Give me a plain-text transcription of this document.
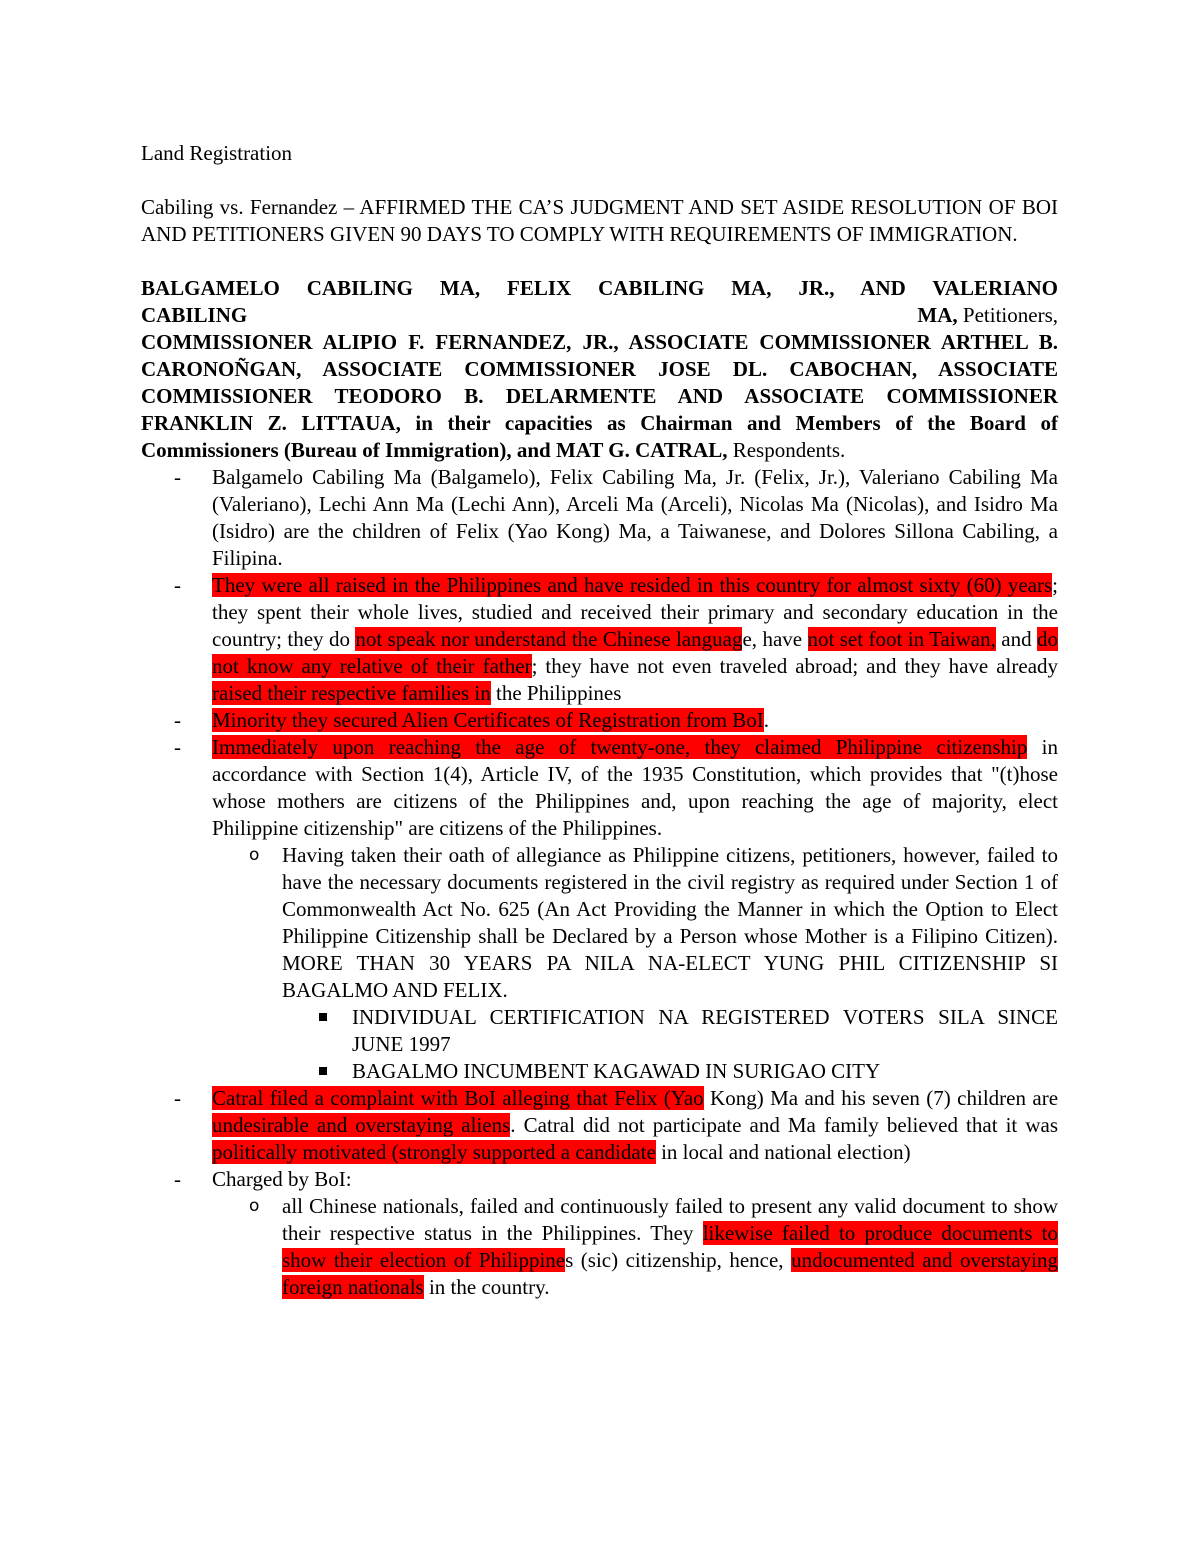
Land Registration

Cabiling vs. Fernandez – AFFIRMED THE CA’S JUDGMENT AND SET ASIDE RESOLUTION OF BOI AND PETITIONERS GIVEN 90 DAYS TO COMPLY WITH REQUIREMENTS OF IMMIGRATION.

BALGAMELO CABILING MA, FELIX CABILING MA, JR., AND VALERIANO
CABILING	MA, Petitioners,
COMMISSIONER ALIPIO F. FERNANDEZ, JR., ASSOCIATE COMMISSIONER ARTHEL B. CARONOÑGAN, ASSOCIATE COMMISSIONER JOSE DL. CABOCHAN, ASSOCIATE COMMISSIONER TEODORO B. DELARMENTE AND ASSOCIATE COMMISSIONER FRANKLIN Z. LITTAUA, in their capacities as Chairman and Members of the Board of Commissioners (Bureau of Immigration), and MAT G. CATRAL, Respondents.
- Balgamelo Cabiling Ma (Balgamelo), Felix Cabiling Ma, Jr. (Felix, Jr.), Valeriano Cabiling Ma (Valeriano), Lechi Ann Ma (Lechi Ann), Arceli Ma (Arceli), Nicolas Ma (Nicolas), and Isidro Ma (Isidro) are the children of Felix (Yao Kong) Ma, a Taiwanese, and Dolores Sillona Cabiling, a Filipina.
- They were all raised in the Philippines and have resided in this country for almost sixty (60) years; they spent their whole lives, studied and received their primary and secondary education in the country; they do not speak nor understand the Chinese language, have not set foot in Taiwan, and do not know any relative of their father; they have not even traveled abroad; and they have already raised their respective families in the Philippines
- Minority they secured Alien Certificates of Registration from BoI.
- Immediately upon reaching the age of twenty-one, they claimed Philippine citizenship in accordance with Section 1(4), Article IV, of the 1935 Constitution, which provides that "(t)hose whose mothers are citizens of the Philippines and, upon reaching the age of majority, elect Philippine citizenship" are citizens of the Philippines.
o Having taken their oath of allegiance as Philippine citizens, petitioners, however, failed to have the necessary documents registered in the civil registry as required under Section 1 of Commonwealth Act No. 625 (An Act Providing the Manner in which the Option to Elect Philippine Citizenship shall be Declared by a Person whose Mother is a Filipino Citizen). MORE THAN 30 YEARS PA NILA NA-ELECT YUNG PHIL CITIZENSHIP SI BAGALMO AND FELIX.
INDIVIDUAL CERTIFICATION NA REGISTERED VOTERS SILA SINCE JUNE 1997
BAGALMO INCUMBENT KAGAWAD IN SURIGAO CITY
- Catral filed a complaint with BoI alleging that Felix (Yao Kong) Ma and his seven (7) children are undesirable and overstaying aliens. Catral did not participate and Ma family believed that it was politically motivated (strongly supported a candidate in local and national election)
- Charged by BoI:
o all Chinese nationals, failed and continuously failed to present any valid document to show their respective status in the Philippines. They likewise failed to produce documents to show their election of Philippines (sic) citizenship, hence, undocumented and overstaying foreign nationals in the country.
